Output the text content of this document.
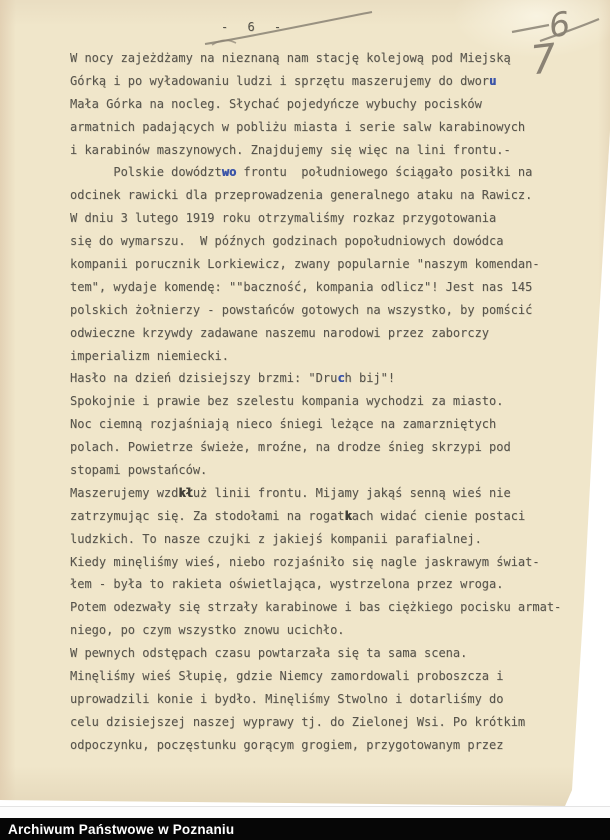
- 6 -
W nocy zajeżdżamy na nieznaną nam stację kolejową pod Miejską
Górką i po wyładowaniu ludzi i sprzętu maszerujemy do dworu
Mała Górka na nocleg. Słychać pojedyńcze wybuchy pocisków
armatnich padających w pobliżu miasta i serie salw karabinowych
i karabinów maszynowych. Znajdujemy się więc na lini frontu.-
Polskie dowództwo frontu  południowego ściągało posiłki na
odcinek rawicki dla przeprowadzenia generalnego ataku na Rawicz.
W dniu 3 lutego 1919 roku otrzymaliśmy rozkaz przygotowania
się do wymarszu.  W późnych godzinach popołudniowych dowódca
kompanii porucznik Lorkiewicz, zwany popularnie "naszym komendan-
tem", wydaje komendę: ""baczność, kompania odlicz"! Jest nas 145
polskich żołnierzy - powstańców gotowych na wszystko, by pomścić
odwieczne krzywdy zadawane naszemu narodowi przez zaborczy
imperializm niemiecki.
Hasło na dzień dzisiejszy brzmi: "Druch bij"!
Spokojnie i prawie bez szelestu kompania wychodzi za miasto.
Noc ciemną rozjaśniają nieco śniegi leżące na zamarzniętych
polach. Powietrze świeże, mroźne, na drodze śnieg skrzypi pod
stopami powstańców.
Maszerujemy wzdkłuż linii frontu. Mijamy jakąś senną wieś nie
zatrzymując się. Za stodołami na rogatkach widać cienie postaci
ludzkich. To nasze czujki z jakiejś kompanii parafialnej.
Kiedy minęliśmy wieś, niebo rozjaśniło się nagle jaskrawym świat-
łem - była to rakieta oświetlająca, wystrzelona przez wroga.
Potem odezwały się strzały karabinowe i bas ciężkiego pocisku armat-
niego, po czym wszystko znowu ucichło.
W pewnych odstępach czasu powtarzała się ta sama scena.
Minęliśmy wieś Słupię, gdzie Niemcy zamordowali proboszcza i
uprowadzili konie i bydło. Minęliśmy Stwolno i dotarliśmy do
celu dzisiejszej naszej wyprawy tj. do Zielonej Wsi. Po krótkim
odpoczynku, poczęstunku gorącym grogiem, przygotowanym przez
6
7
Archiwum Państwowe w Poznaniu
